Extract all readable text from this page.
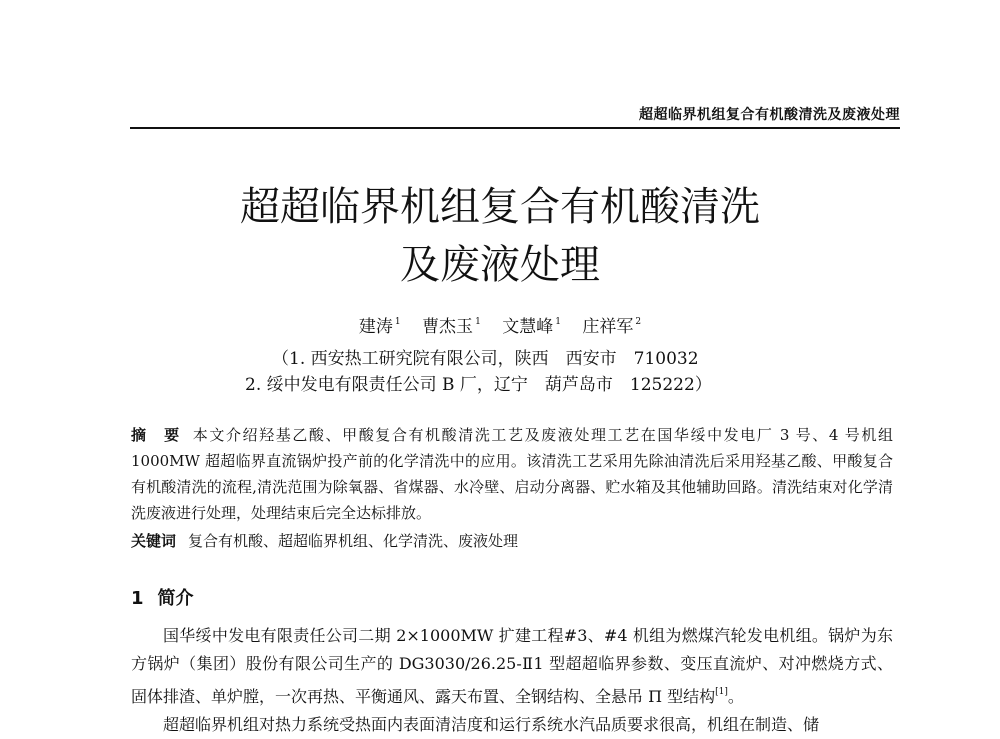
超超临界机组复合有机酸清洗及废液处理
超超临界机组复合有机酸清洗
及废液处理
建涛 $^1$ 曹杰玉 $^1$ 文慧峰 $^1$ 庄祥军 $^2$
（1. 西安热工研究院有限公司，陕西　西安市　710032
2. 绥中发电有限责任公司 B 厂，辽宁　葫芦岛市　125222）
摘　要 本文介绍羟基乙酸、甲酸复合有机酸清洗工艺及废液处理工艺在国华绥中发电厂 3 号、4 号机组 1000MW 超超临界直流锅炉投产前的化学清洗中的应用。该清洗工艺采用先除油清洗后采用羟基乙酸、甲酸复合有机酸清洗的流程,清洗范围为除氧器、省煤器、水冷壁、启动分离器、贮水箱及其他辅助回路。清洗结束对化学清洗废液进行处理，处理结束后完全达标排放。
关键词 复合有机酸、超超临界机组、化学清洗、废液处理
1 简介
国华绥中发电有限责任公司二期 2×1000MW 扩建工程#3、#4 机组为燃煤汽轮发电机组。锅炉为东方锅炉（集团）股份有限公司生产的 DG3030/26.25-Ⅱ1 型超超临界参数、变压直流炉、对冲燃烧方式、固体排渣、单炉膛，一次再热、平衡通风、露天布置、全钢结构、全悬吊 Π 型结构[1]。
超超临界机组对热力系统受热面内表面清洁度和运行系统水汽品质要求很高，机组在制造、储
